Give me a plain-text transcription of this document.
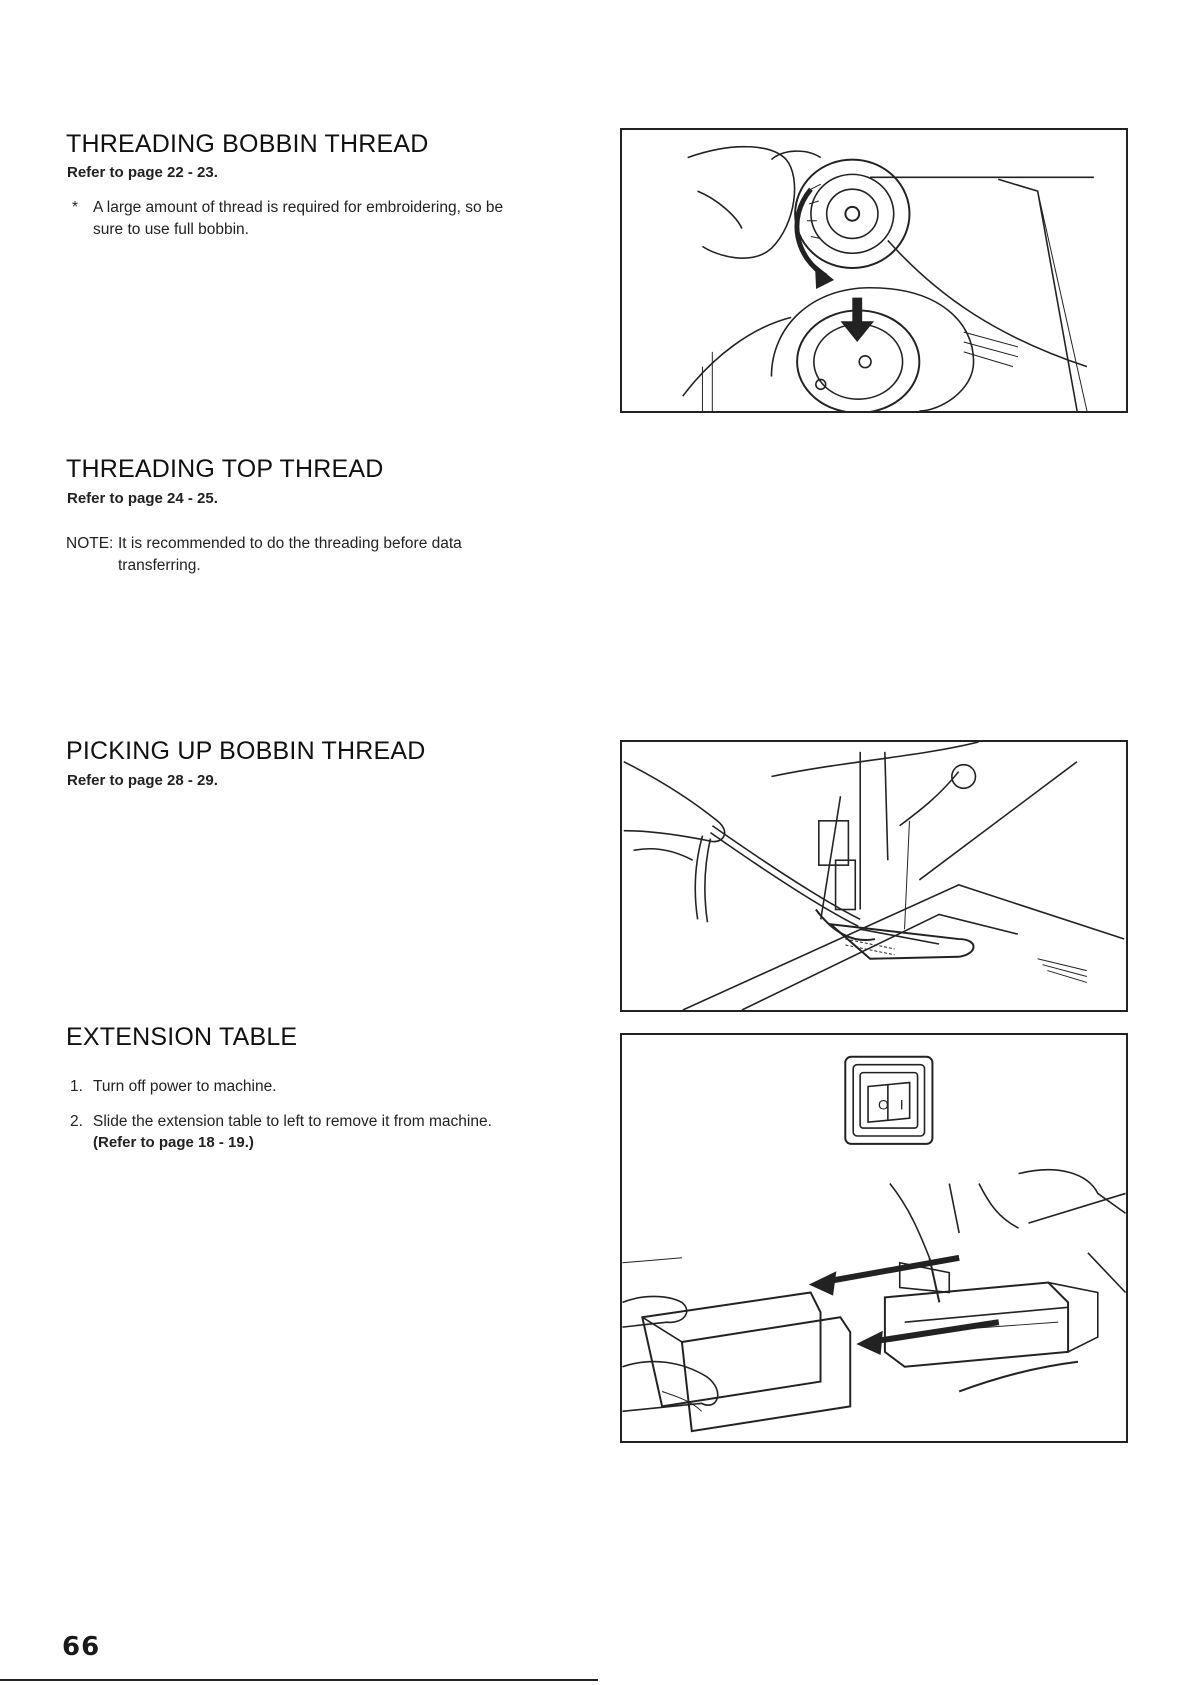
THREADING BOBBIN THREAD
Refer to page 22 - 23.
* A large amount of thread is required for embroidering, so be
sure to use full bobbin.
THREADING TOP THREAD
Refer to page 24 - 25.
NOTE: It is recommended to do the threading before data
transferring.
PICKING UP BOBBIN THREAD
Refer to page 28 - 29.
EXTENSION TABLE
1. Turn off power to machine.
2. Slide the extension table to left to remove it from machine.
(Refer to page 18 - 19.)
O I
66
